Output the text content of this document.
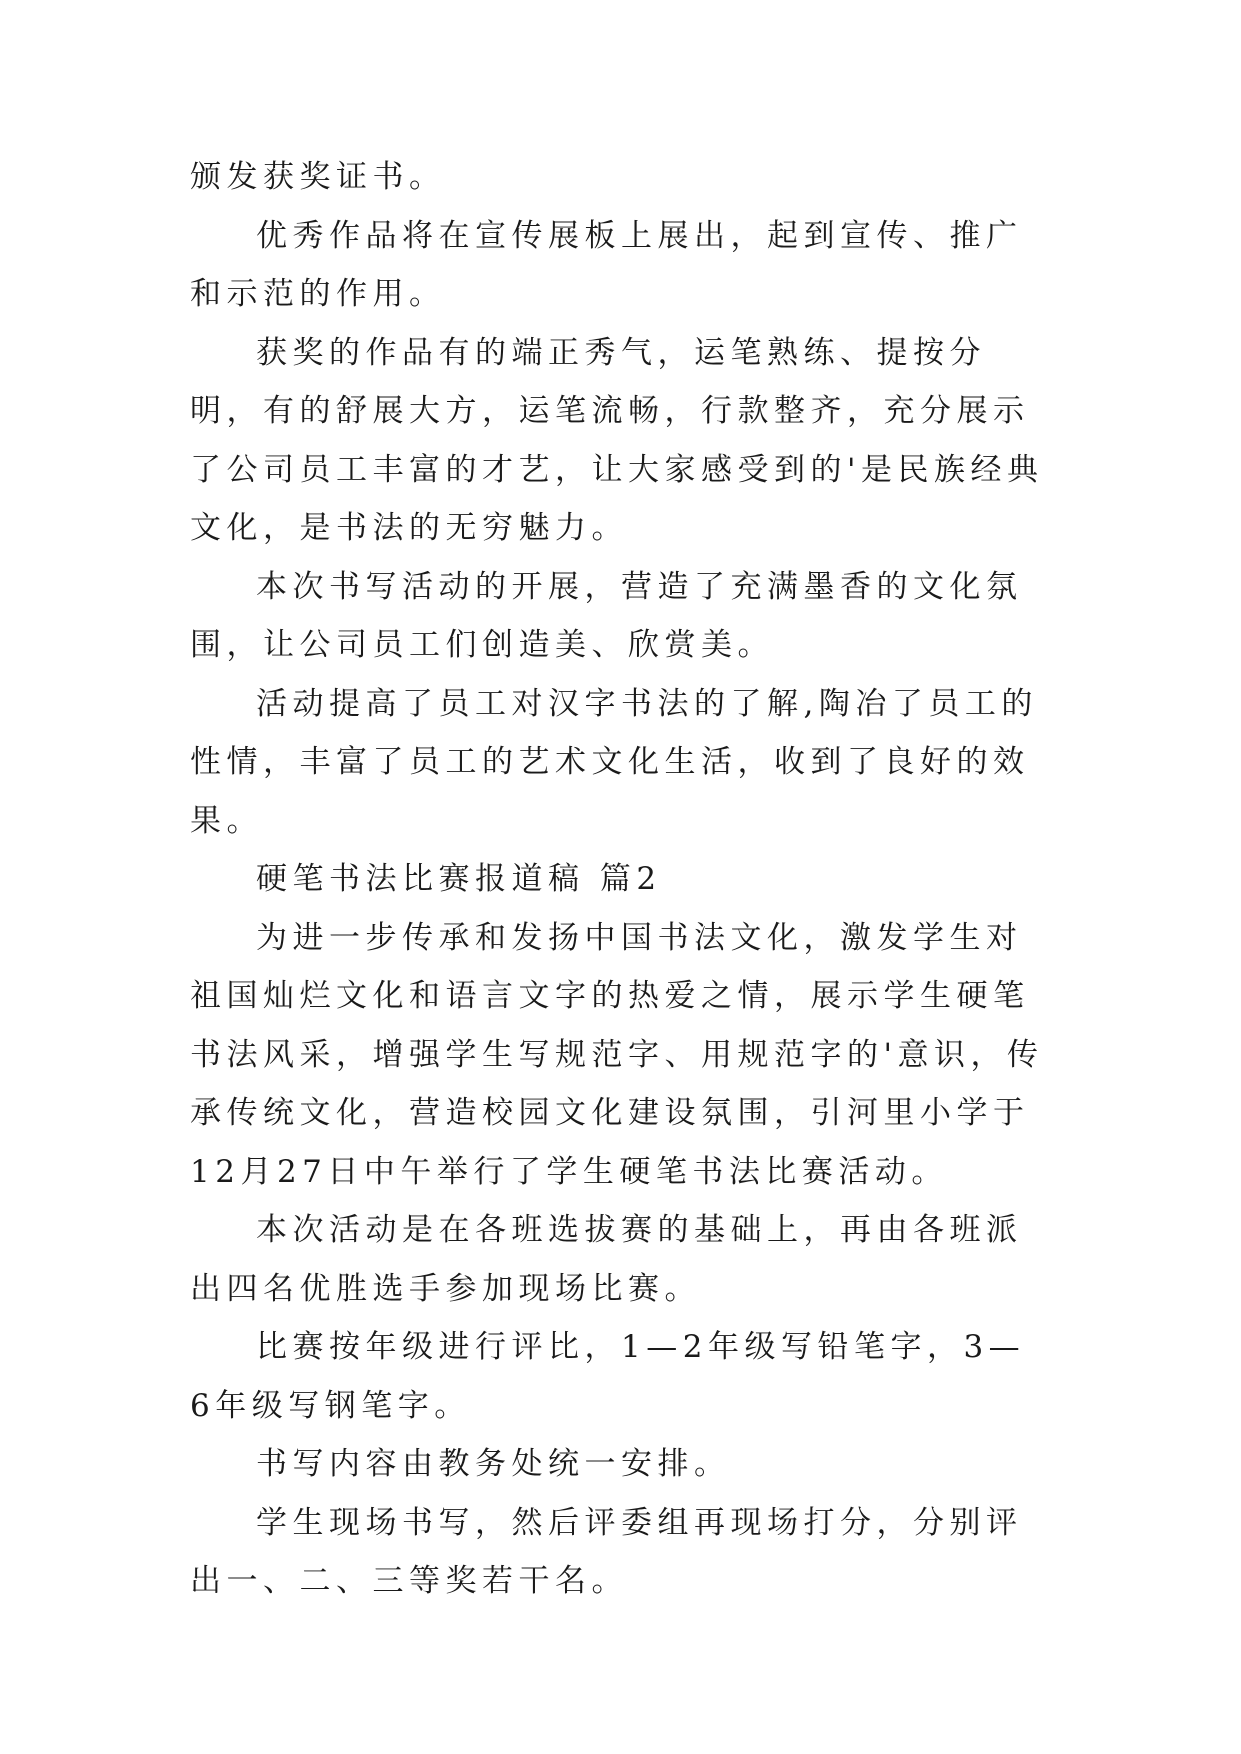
颁发获奖证书。

优秀作品将在宣传展板上展出，起到宣传、推广和示范的作用。

获奖的作品有的端正秀气，运笔熟练、提按分明，有的舒展大方，运笔流畅，行款整齐，充分展示了公司员工丰富的才艺，让大家感受到的'是民族经典文化，是书法的无穷魅力。

本次书写活动的开展，营造了充满墨香的文化氛围，让公司员工们创造美、欣赏美。

活动提高了员工对汉字书法的了解,陶冶了员工的性情，丰富了员工的艺术文化生活，收到了良好的效果。

硬笔书法比赛报道稿 篇2

为进一步传承和发扬中国书法文化，激发学生对祖国灿烂文化和语言文字的热爱之情，展示学生硬笔书法风采，增强学生写规范字、用规范字的'意识，传承传统文化，营造校园文化建设氛围，引河里小学于12月27日中午举行了学生硬笔书法比赛活动。

本次活动是在各班选拔赛的基础上，再由各班派出四名优胜选手参加现场比赛。

比赛按年级进行评比，1—2年级写铅笔字，3—6年级写钢笔字。

书写内容由教务处统一安排。

学生现场书写，然后评委组再现场打分，分别评出一、二、三等奖若干名。
